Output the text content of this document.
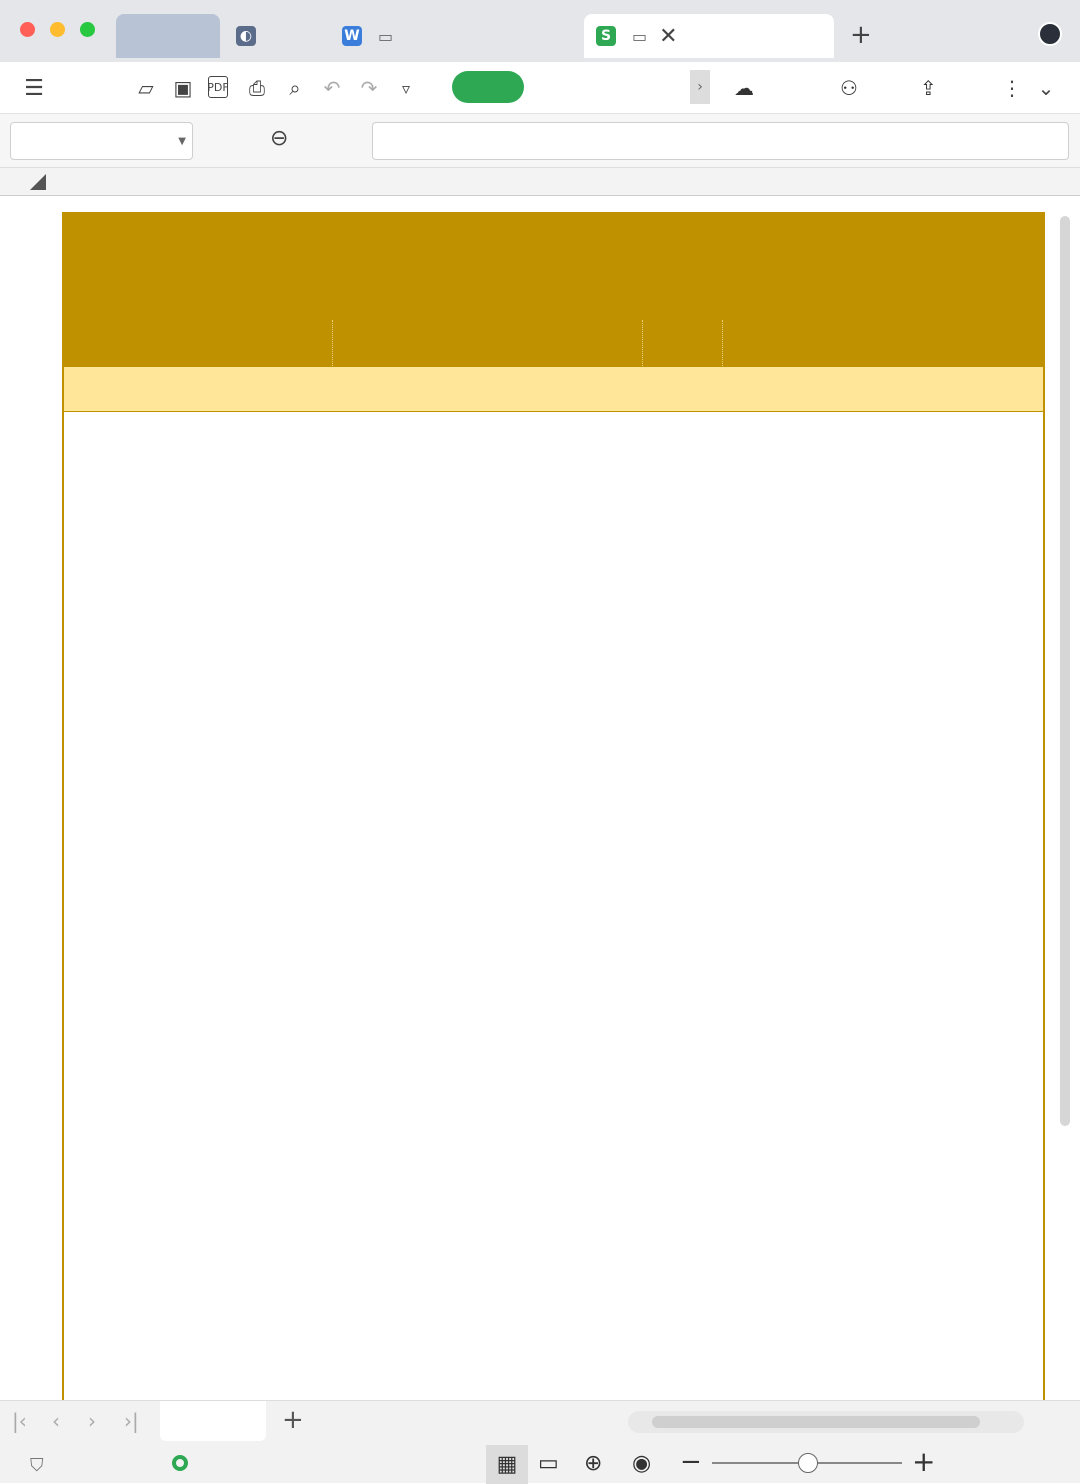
◐	W ▭	S	▭ ✕	+
☰	▱ ▣ PDF ⎙	⌕	↶ ↷	▿	›	☁	⚇	⇪	⋮ ⌄
▼	⊖
|‹ ‹ › ›|	+
⛉	▦ ▭ ⊕ ◉ −	+
